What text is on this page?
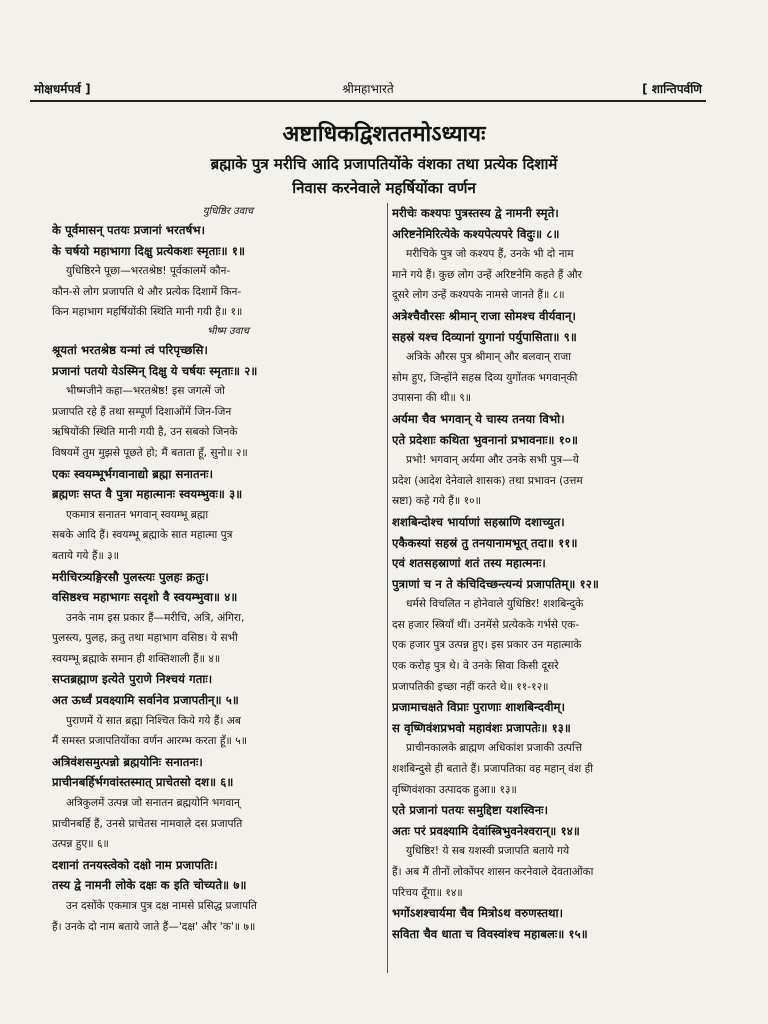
मोक्षधर्मपर्व ]	श्रीमहाभारते	[ शान्तिपर्वणि
अष्टाधिकद्विशततमोऽध्यायः
ब्रह्माके पुत्र मरीचि आदि प्रजापतियोंके वंशका तथा प्रत्येक दिशामें
निवास करनेवाले महर्षियोंका वर्णन
युधिष्ठिर उवाच
के पूर्वमासन् पतयः प्रजानां भरतर्षभ।
के चर्षयो महाभागा दिक्षु प्रत्येकशः स्मृताः॥ १॥
युधिष्ठिरने पूछा—भरतश्रेष्ठ! पूर्वकालमें कौन-
कौन-से लोग प्रजापति थे और प्रत्येक दिशामें किन-
किन महाभाग महर्षियोंकी स्थिति मानी गयी है॥ १॥
भीष्म उवाच
श्रूयतां भरतश्रेष्ठ यन्मां त्वं परिपृच्छसि।
प्रजानां पतयो येऽस्मिन् दिक्षु ये चर्षयः स्मृताः॥ २॥
भीष्मजीने कहा—भरतश्रेष्ठ! इस जगत्में जो
प्रजापति रहे हैं तथा सम्पूर्ण दिशाओंमें जिन-जिन
ऋषियोंकी स्थिति मानी गयी है, उन सबको जिनके
विषयमें तुम मुझसे पूछते हो; मैं बताता हूँ, सुनो॥ २॥
एकः स्वयम्भूर्भगवानाद्यो ब्रह्मा सनातनः।
ब्रह्मणः सप्त वै पुत्रा महात्मानः स्वयम्भुवः॥ ३॥
एकमात्र सनातन भगवान् स्वयम्भू ब्रह्मा
सबके आदि हैं। स्वयम्भू ब्रह्माके सात महात्मा पुत्र
बताये गये हैं॥ ३॥
मरीचिरत्र्यङ्गिरसौ पुलस्त्यः पुलहः क्रतुः।
वसिष्ठश्च महाभागः सदृशो वै स्वयम्भुवा॥ ४॥
उनके नाम इस प्रकार हैं—मरीचि, अत्रि, अंगिरा,
पुलस्त्य, पुलह, क्रतु तथा महाभाग वसिष्ठ। ये सभी
स्वयम्भू ब्रह्माके समान ही शक्तिशाली हैं॥ ४॥
सप्तब्रह्माण इत्येते पुराणे निश्चयं गताः।
अत ऊर्ध्वं प्रवक्ष्यामि सर्वानेव प्रजापतीन्॥ ५॥
पुराणमें ये सात ब्रह्मा निश्चित किये गये हैं। अब
मैं समस्त प्रजापतियोंका वर्णन आरम्भ करता हूँ॥ ५॥
अत्रिवंशसमुत्पन्नो ब्रह्मयोनिः सनातनः।
प्राचीनबर्हिर्भगवांस्तस्मात् प्राचेतसो दश॥ ६॥
अत्रिकुलमें उत्पन्न जो सनातन ब्रह्मयोनि भगवान्
प्राचीनबर्हि हैं, उनसे प्राचेतस नामवाले दस प्रजापति
उत्पन्न हुए॥ ६॥
दशानां तनयस्त्वेको दक्षो नाम प्रजापतिः।
तस्य द्वे नामनी लोके दक्षः क इति चोच्यते॥ ७॥
उन दसोंके एकमात्र पुत्र दक्ष नामसे प्रसिद्ध प्रजापति
हैं। उनके दो नाम बताये जाते हैं—'दक्ष' और 'क'॥ ७॥
मरीचेः कश्यपः पुत्रस्तस्य द्वे नामनी स्मृते।
अरिष्टनेमिरित्येके कश्यपेत्यपरे विदुः॥ ८॥
मरीचिके पुत्र जो कश्यप हैं, उनके भी दो नाम
माने गये हैं। कुछ लोग उन्हें अरिष्टनेमि कहते हैं और
दूसरे लोग उन्हें कश्यपके नामसे जानते हैं॥ ८॥
अत्रेश्चैवौरसः श्रीमान् राजा सोमश्च वीर्यवान्।
सहस्रं यश्च दिव्यानां युगानां पर्युपासिता॥ ९॥
अत्रिके औरस पुत्र श्रीमान् और बलवान् राजा
सोम हुए, जिन्होंने सहस्र दिव्य युगोंतक भगवान्‌की
उपासना की थी॥ ९॥
अर्यमा चैव भगवान् ये चास्य तनया विभो।
एते प्रदेशाः कथिता भुवनानां प्रभावनाः॥ १०॥
प्रभो! भगवान् अर्यमा और उनके सभी पुत्र—ये
प्रदेश (आदेश देनेवाले शासक) तथा प्रभावन (उत्तम
स्रष्टा) कहे गये हैं॥ १०॥
शशबिन्दोश्च भार्याणां सहस्राणि दशाच्युत।
एकैकस्यां सहस्रं तु तनयानामभूत् तदा॥ ११॥
एवं शतसहस्राणां शतं तस्य महात्मनः।
पुत्राणां च न ते कंचिदिच्छन्त्यन्यं प्रजापतिम्॥ १२॥
धर्मसे विचलित न होनेवाले युधिष्ठिर! शशबिन्दुके
दस हजार स्त्रियाँ थीं। उनमेंसे प्रत्येकके गर्भसे एक-
एक हजार पुत्र उत्पन्न हुए। इस प्रकार उन महात्माके
एक करोड़ पुत्र थे। वे उनके सिवा किसी दूसरे
प्रजापतिकी इच्छा नहीं करते थे॥ ११-१२॥
प्रजामाचक्षते विप्राः पुराणाः शाशबिन्दवीम्।
स वृष्णिवंशप्रभवो महावंशः प्रजापतेः॥ १३॥
प्राचीनकालके ब्राह्मण अधिकांश प्रजाकी उत्पत्ति
शशबिन्दुसे ही बताते हैं। प्रजापतिका वह महान् वंश ही
वृष्णिवंशका उत्पादक हुआ॥ १३॥
एते प्रजानां पतयः समुद्दिष्टा यशस्विनः।
अतः परं प्रवक्ष्यामि देवांस्त्रिभुवनेश्वरान्॥ १४॥
युधिष्ठिर! ये सब यशस्वी प्रजापति बताये गये
हैं। अब मैं तीनों लोकोंपर शासन करनेवाले देवताओंका
परिचय दूँगा॥ १४॥
भगोंऽशश्चार्यमा चैव मित्रोऽथ वरुणस्तथा।
सविता चैव धाता च विवस्वांश्च महाबलः॥ १५॥
